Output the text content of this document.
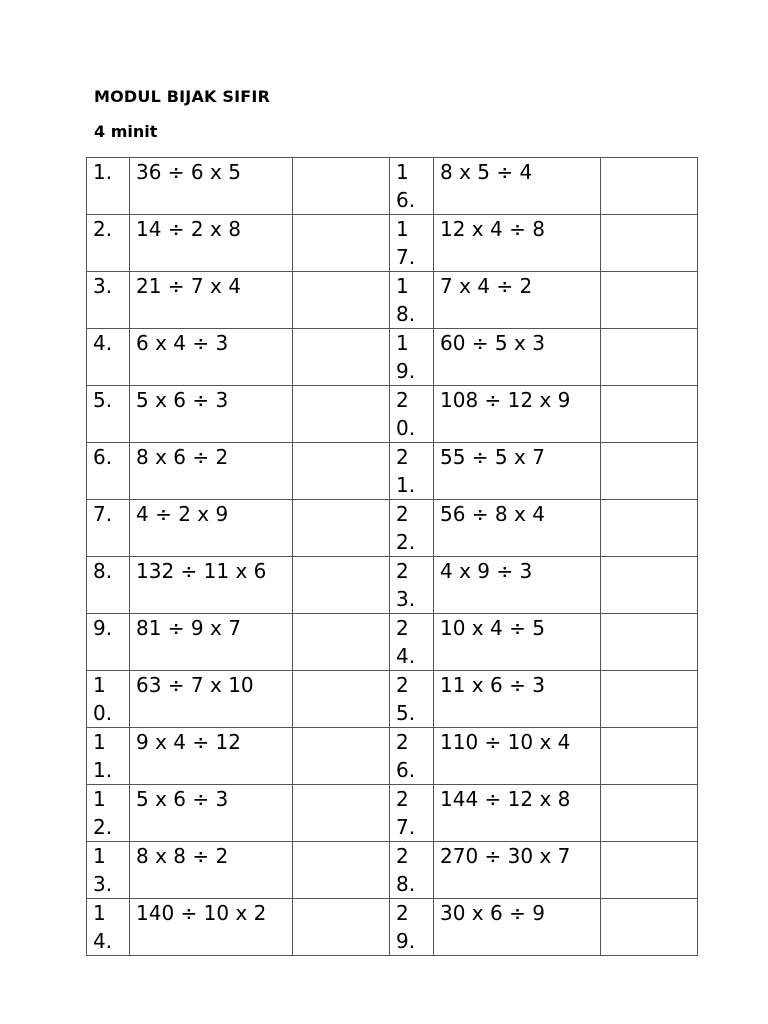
MODUL BIJAK SIFIR
4 minit
1.	36 ÷ 6 x 5		16.	8 x 5 ÷ 4	
2.	14 ÷ 2 x 8		17.	12 x 4 ÷ 8	
3.	21 ÷ 7 x 4		18.	7 x 4 ÷ 2	
4.	6 x 4 ÷ 3		19.	60 ÷ 5 x 3	
5.	5 x 6 ÷ 3		20.	108 ÷ 12 x 9	
6.	8 x 6 ÷ 2		21.	55 ÷ 5 x 7	
7.	4 ÷ 2 x 9		22.	56 ÷ 8 x 4	
8.	132 ÷ 11 x 6		23.	4 x 9 ÷ 3	
9.	81 ÷ 9 x 7		24.	10 x 4 ÷ 5	
10.	63 ÷ 7 x 10		25.	11 x 6 ÷ 3	
11.	9 x 4 ÷ 12		26.	110 ÷ 10 x 4	
12.	5 x 6 ÷ 3		27.	144 ÷ 12 x 8	
13.	8 x 8 ÷ 2		28.	270 ÷ 30 x 7	
14.	140 ÷ 10 x 2		29.	30 x 6 ÷ 9	
